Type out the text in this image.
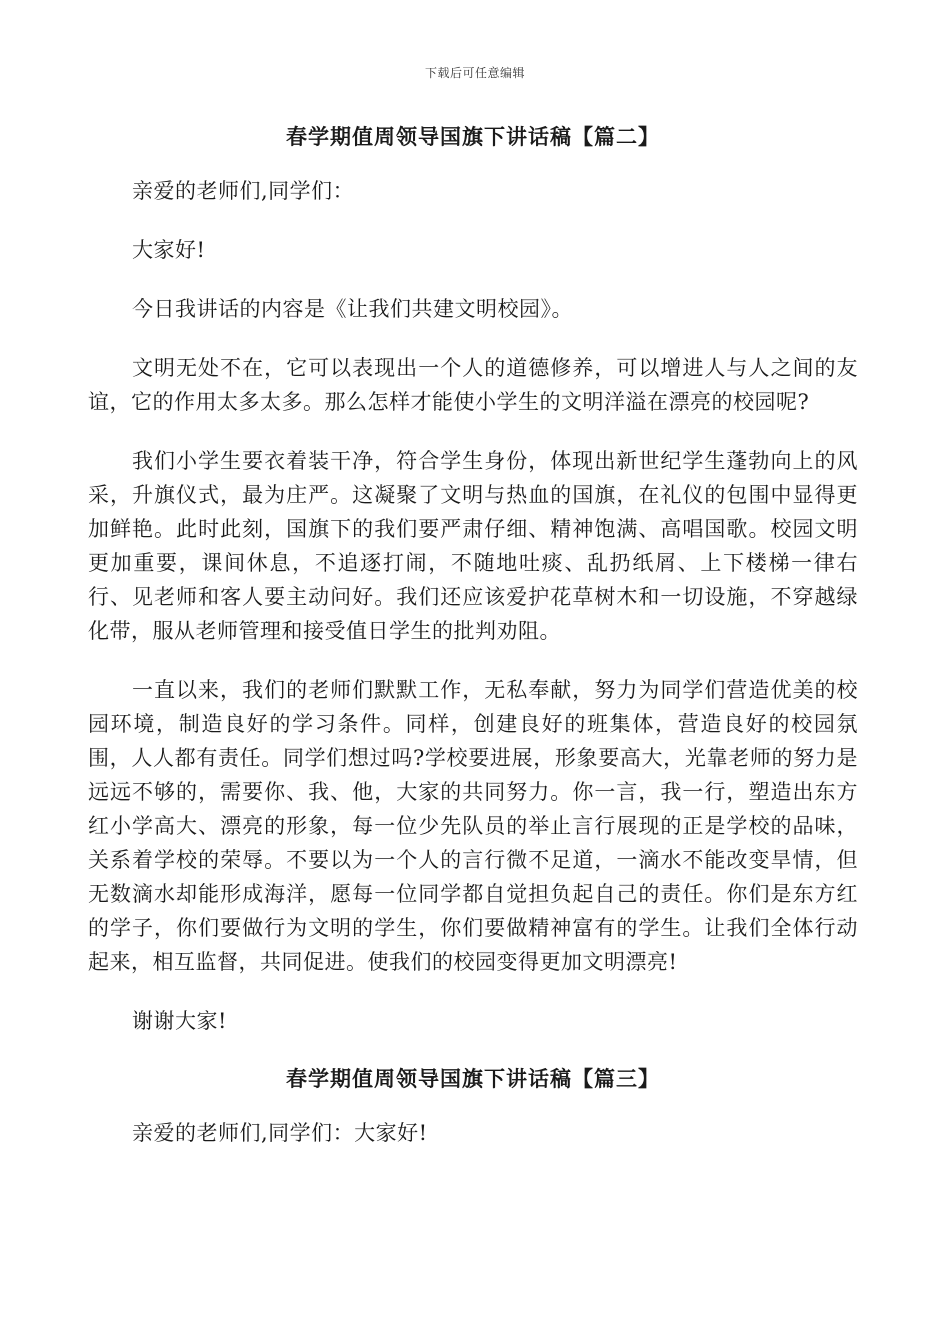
下载后可任意编辑
春学期值周领导国旗下讲话稿【篇二】

亲爱的老师们,同学们：

大家好!

今日我讲话的内容是《让我们共建文明校园》。

文明无处不在，它可以表现出一个人的道德修养，可以增进人与人之间的友谊，它的作用太多太多。那么怎样才能使小学生的文明洋溢在漂亮的校园呢?

我们小学生要衣着装干净，符合学生身份，体现出新世纪学生蓬勃向上的风采，升旗仪式，最为庄严。这凝聚了文明与热血的国旗，在礼仪的包围中显得更加鲜艳。此时此刻，国旗下的我们要严肃仔细、精神饱满、高唱国歌。校园文明更加重要，课间休息，不追逐打闹，不随地吐痰、乱扔纸屑、上下楼梯一律右行、见老师和客人要主动问好。我们还应该爱护花草树木和一切设施，不穿越绿化带，服从老师管理和接受值日学生的批判劝阻。

一直以来，我们的老师们默默工作，无私奉献，努力为同学们营造优美的校园环境，制造良好的学习条件。同样，创建良好的班集体，营造良好的校园氛围，人人都有责任。同学们想过吗?学校要进展，形象要高大，光靠老师的努力是远远不够的，需要你、我、他，大家的共同努力。你一言，我一行，塑造出东方红小学高大、漂亮的形象，每一位少先队员的举止言行展现的正是学校的品味，关系着学校的荣辱。不要以为一个人的言行微不足道，一滴水不能改变旱情，但无数滴水却能形成海洋，愿每一位同学都自觉担负起自己的责任。你们是东方红的学子，你们要做行为文明的学生，你们要做精神富有的学生。让我们全体行动起来，相互监督，共同促进。使我们的校园变得更加文明漂亮!

谢谢大家!

春学期值周领导国旗下讲话稿【篇三】

亲爱的老师们,同学们：大家好!
